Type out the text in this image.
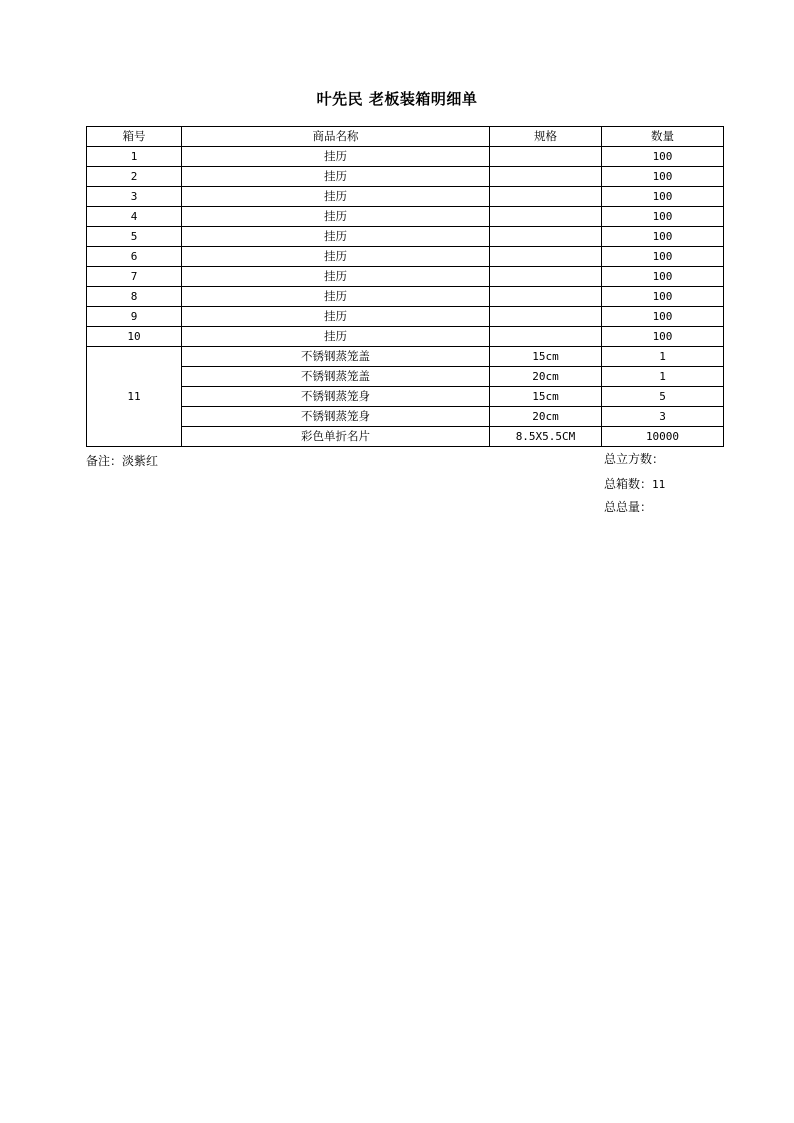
叶先民 老板装箱明细单
箱号	商品名称	规格	数量
1	挂历		100
2	挂历		100
3	挂历		100
4	挂历		100
5	挂历		100
6	挂历		100
7	挂历		100
8	挂历		100
9	挂历		100
10	挂历		100
11	不锈钢蒸笼盖	15cm	1
	不锈钢蒸笼盖	20cm	1
	不锈钢蒸笼身	15cm	5
	不锈钢蒸笼身	20cm	3
	彩色单折名片	8.5X5.5CM	10000
备注：淡紫红	总立方数：
总箱数：11
总总量：
